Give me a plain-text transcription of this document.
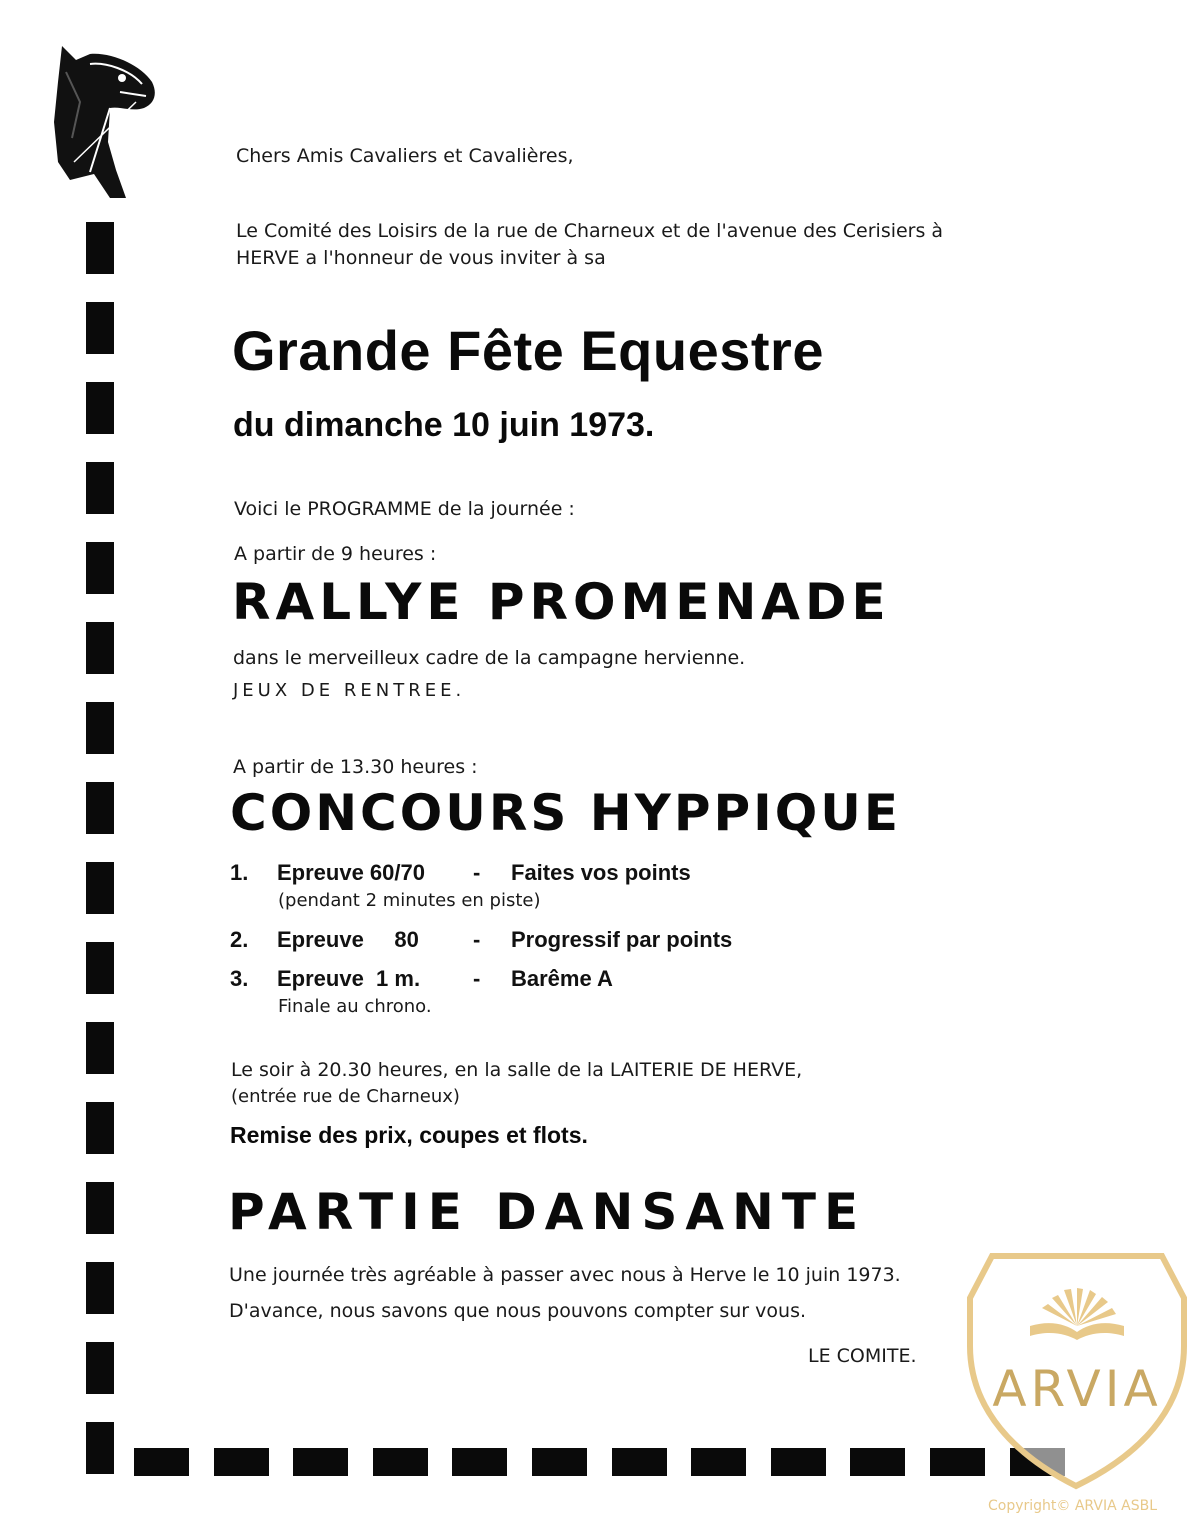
Chers Amis Cavaliers et Cavalières,
Le Comité des Loisirs de la rue de Charneux et de l'avenue des Cerisiers à
HERVE a l'honneur de vous inviter à sa
Grande Fête Equestre
du dimanche 10 juin 1973.
Voici le PROGRAMME de la journée :
A partir de 9 heures :
RALLYE PROMENADE
dans le merveilleux cadre de la campagne hervienne.
JEUX DE RENTREE.
A partir de 13.30 heures :
CONCOURS HYPPIQUE
1. Epreuve 60/70 - Faites vos points
(pendant 2 minutes en piste)
2. Epreuve     80 - Progressif par points
3. Epreuve  1 m. - Barême A
Finale au chrono.
Le soir à 20.30 heures, en la salle de la LAITERIE DE HERVE,
(entrée rue de Charneux)
Remise des prix, coupes et flots.
PARTIE DANSANTE
Une journée très agréable à passer avec nous à Herve le 10 juin 1973.
D'avance, nous savons que nous pouvons compter sur vous.
LE COMITE.
ARVIA
Copyright© ARVIA ASBL
